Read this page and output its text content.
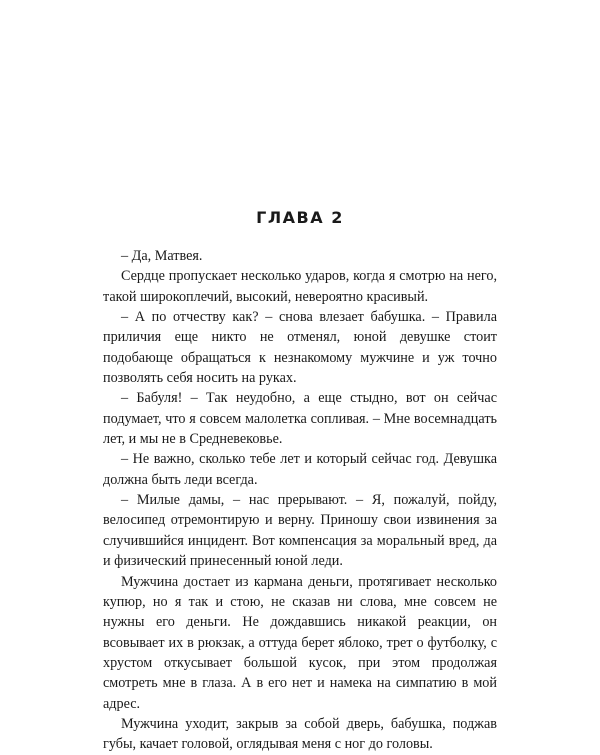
ГЛАВА 2

– Да, Матвея.

Сердце пропускает несколько ударов, когда я смотрю на него, такой широкоплечий, высокий, невероятно красивый.

– А по отчеству как? – снова влезает бабушка. – Правила приличия еще никто не отменял, юной девушке стоит подобающе обращаться к незнакомому мужчине и уж точно позволять себя носить на руках.

– Бабуля! – Так неудобно, а еще стыдно, вот он сейчас подумает, что я совсем малолетка сопливая. – Мне восемнадцать лет, и мы не в Средневековье.

– Не важно, сколько тебе лет и который сейчас год. Девушка должна быть леди всегда.

– Милые дамы, – нас прерывают. – Я, пожалуй, пойду, велосипед отремонтирую и верну. Приношу свои извинения за случившийся инцидент. Вот компенсация за моральный вред, да и физический принесенный юной леди.

Мужчина достает из кармана деньги, протягивает несколько купюр, но я так и стою, не сказав ни слова, мне совсем не нужны его деньги. Не дождавшись никакой реакции, он всовывает их в рюкзак, а оттуда берет яблоко, трет о футболку, с хрустом откусывает большой кусок, при этом продолжая смотреть мне в глаза. А в его нет и намека на симпатию в мой адрес.

Мужчина уходит, закрыв за собой дверь, бабушка, поджав губы, качает головой, оглядывая меня с ног до головы.
